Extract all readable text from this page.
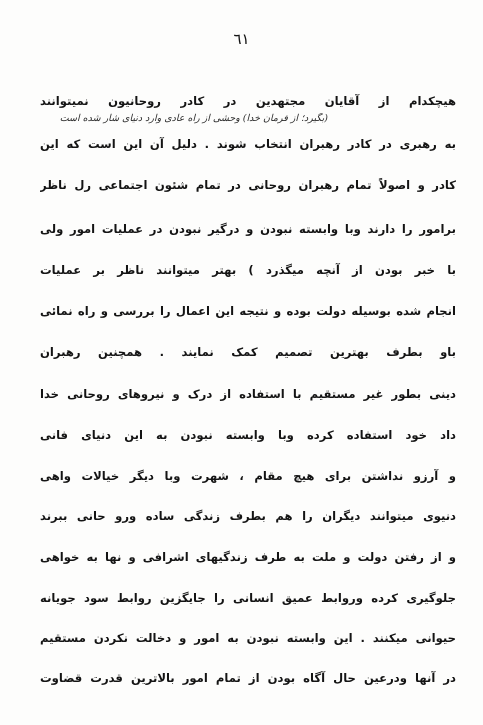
٦١
هیچکدام از آقایان مجتهدین در کادر روحانیون نمیتوانند
(بگیرد؛ از فرمان خدا) وحشی از راه عادی وارد دنیای شار شده است
به رهبری در کادر رهبران انتخاب شوند . دلیل آن این است که این
کادر و اصولاً تمام رهبران روحانی در تمام شئون اجتماعی رل ناظر
برامور را دارند وبا وابسته نبودن و درگیر نبودن در عملیات امور ولی
با خبر بودن از آنچه میگذرد ) بهتر میتوانند ناظر بر عملیات
انجام شده بوسیله دولت بوده و نتیجه این اعمال را بررسی و راه نمائی
باو بطرف بهترین تصمیم کمک نمایند . همچنین رهبران
دینی بطور غیر مستقیم با استفاده از درک و نیروهای روحانی خدا
داد خود استفاده کرده وبا وابسته نبودن به این دنیای فانی
و آرزو نداشتن برای هیچ مقام ، شهرت وبا دیگر خیالات واهی
دنیوی میتوانند دیگران را هم بطرف زندگی ساده ورو حانی ببرند
و از رفتن دولت و ملت به طرف زندگیهای اشرافی و نها به خواهی
جلوگیری کرده وروابط عمیق انسانی را جایگزین روابط سود جویانه
حیوانی میکنند . این وابسته نبودن به امور و دخالت نکردن مستقیم
در آنها ودرعین حال آگاه بودن از تمام امور بالاترین قدرت قضاوت
